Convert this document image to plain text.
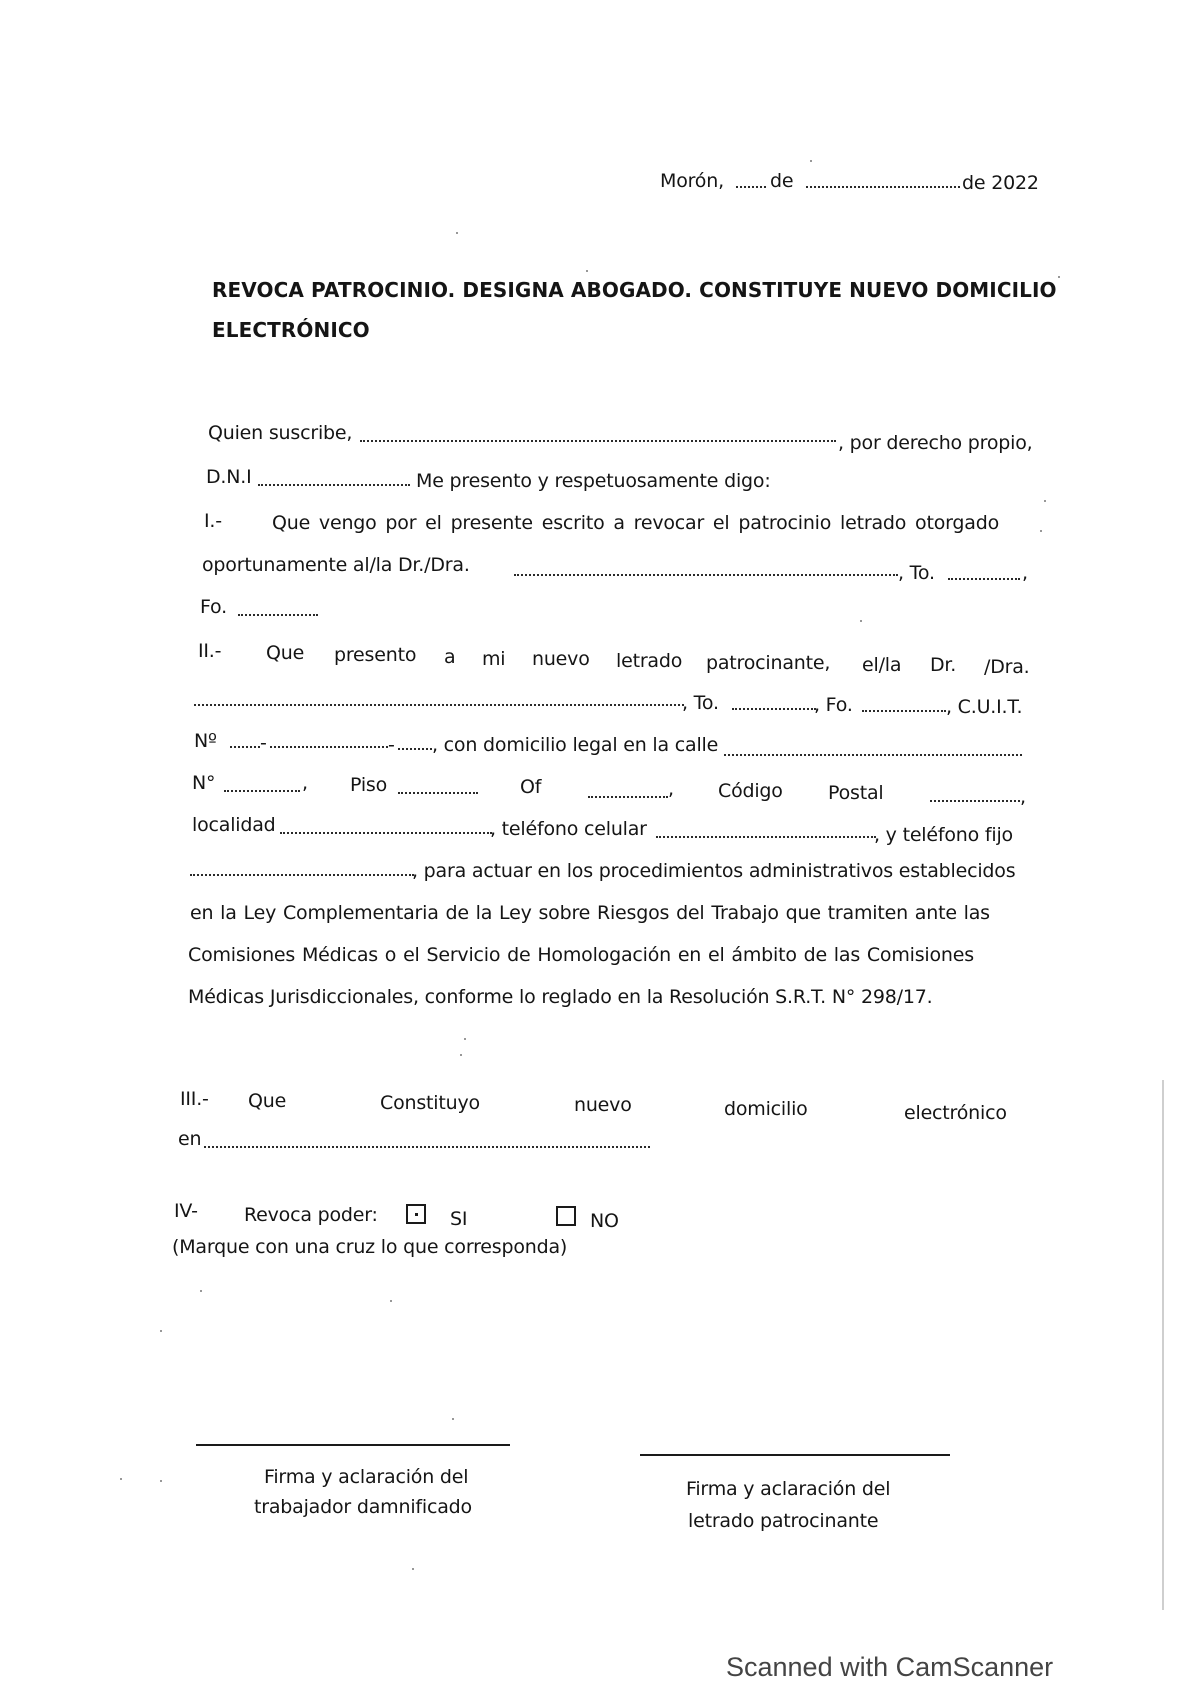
Morón, de	de 2022
REVOCA PATROCINIO. DESIGNA ABOGADO. CONSTITUYE NUEVO DOMICILIO
ELECTRÓNICO
Quien suscribe,	, por derecho propio,
D.N.I	Me presento y respetuosamente digo:
I.-	Que vengo por el presente escrito a revocar el patrocinio letrado otorgado
oportunamente al/la Dr./Dra.	, To.	,
Fo.
II.- Que presento a mi nuevo letrado patrocinante, el/la Dr. /Dra.
, To.	, Fo.	, C.U.I.T.
Nº -	- , con domicilio legal en la calle
N°	, Piso	Of	, Código Postal	,
localidad	, teléfono celular	, y teléfono fijo
, para actuar en los procedimientos administrativos establecidos
en la Ley Complementaria de la Ley sobre Riesgos del Trabajo que tramiten ante las
Comisiones Médicas o el Servicio de Homologación en el ámbito de las Comisiones
Médicas Jurisdiccionales, conforme lo reglado en la Resolución S.R.T. N° 298/17.
III.- Que	Constituyo	nuevo	domicilio	electrónico
en
IV- Revoca poder:	SI	NO
(Marque con una cruz lo que corresponda)
Firma y aclaración del
trabajador damnificado
Firma y aclaración del
letrado patrocinante
Scanned with CamScanner
